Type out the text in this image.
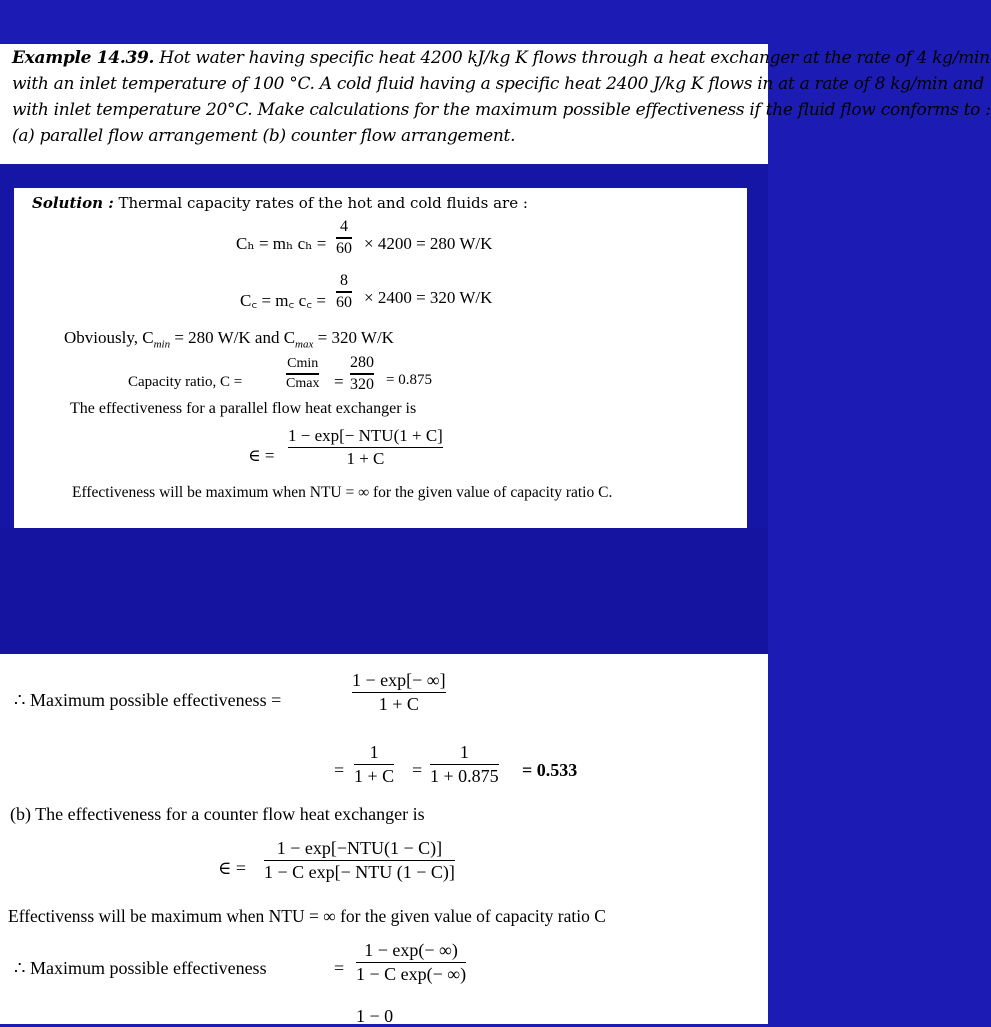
Example 14.39. Hot water having specific heat 4200 kJ/kg K flows through a heat exchanger at the rate of 4 kg/min

with an inlet temperature of 100 °C. A cold fluid having a specific heat 2400 J/kg K flows in at a rate of 8 kg/min and

with inlet temperature 20°C. Make calculations for the maximum possible effectiveness if the fluid flow conforms to :

(a) parallel flow arrangement (b) counter flow arrangement.

Solution : Thermal capacity rates of the hot and cold fluids are :
Cₕ = mₕ cₕ =
4
60 × 4200 = 280 W/K
C꜀ = m꜀ c꜀ =
8
60 × 2400 = 320 W/K
Obviously, $C_{min} = 280$ W/K and $C_{max} = 320$ W/K
Capacity ratio, C =
Cmin
Cmax =
280
320 = 0.875
The effectiveness for a parallel flow heat exchanger is
∈ =
1 − exp[− NTU(1 + C]
1 + C
Effectiveness will be maximum when NTU = ∞ for the given value of capacity ratio C.
∴ Maximum possible effectiveness =
1 − exp[− ∞]
1 + C
=
1
1 + C =
1
1 + 0.875 = 0.533
(b) The effectiveness for a counter flow heat exchanger is
∈ =
1 − exp[−NTU(1 − C)]
1 − C exp[− NTU (1 − C)]
Effectivenss will be maximum when NTU = ∞ for the given value of capacity ratio C
∴ Maximum possible effectiveness	=
1 − exp(− ∞)
1 − C exp(− ∞)
1 − 0
